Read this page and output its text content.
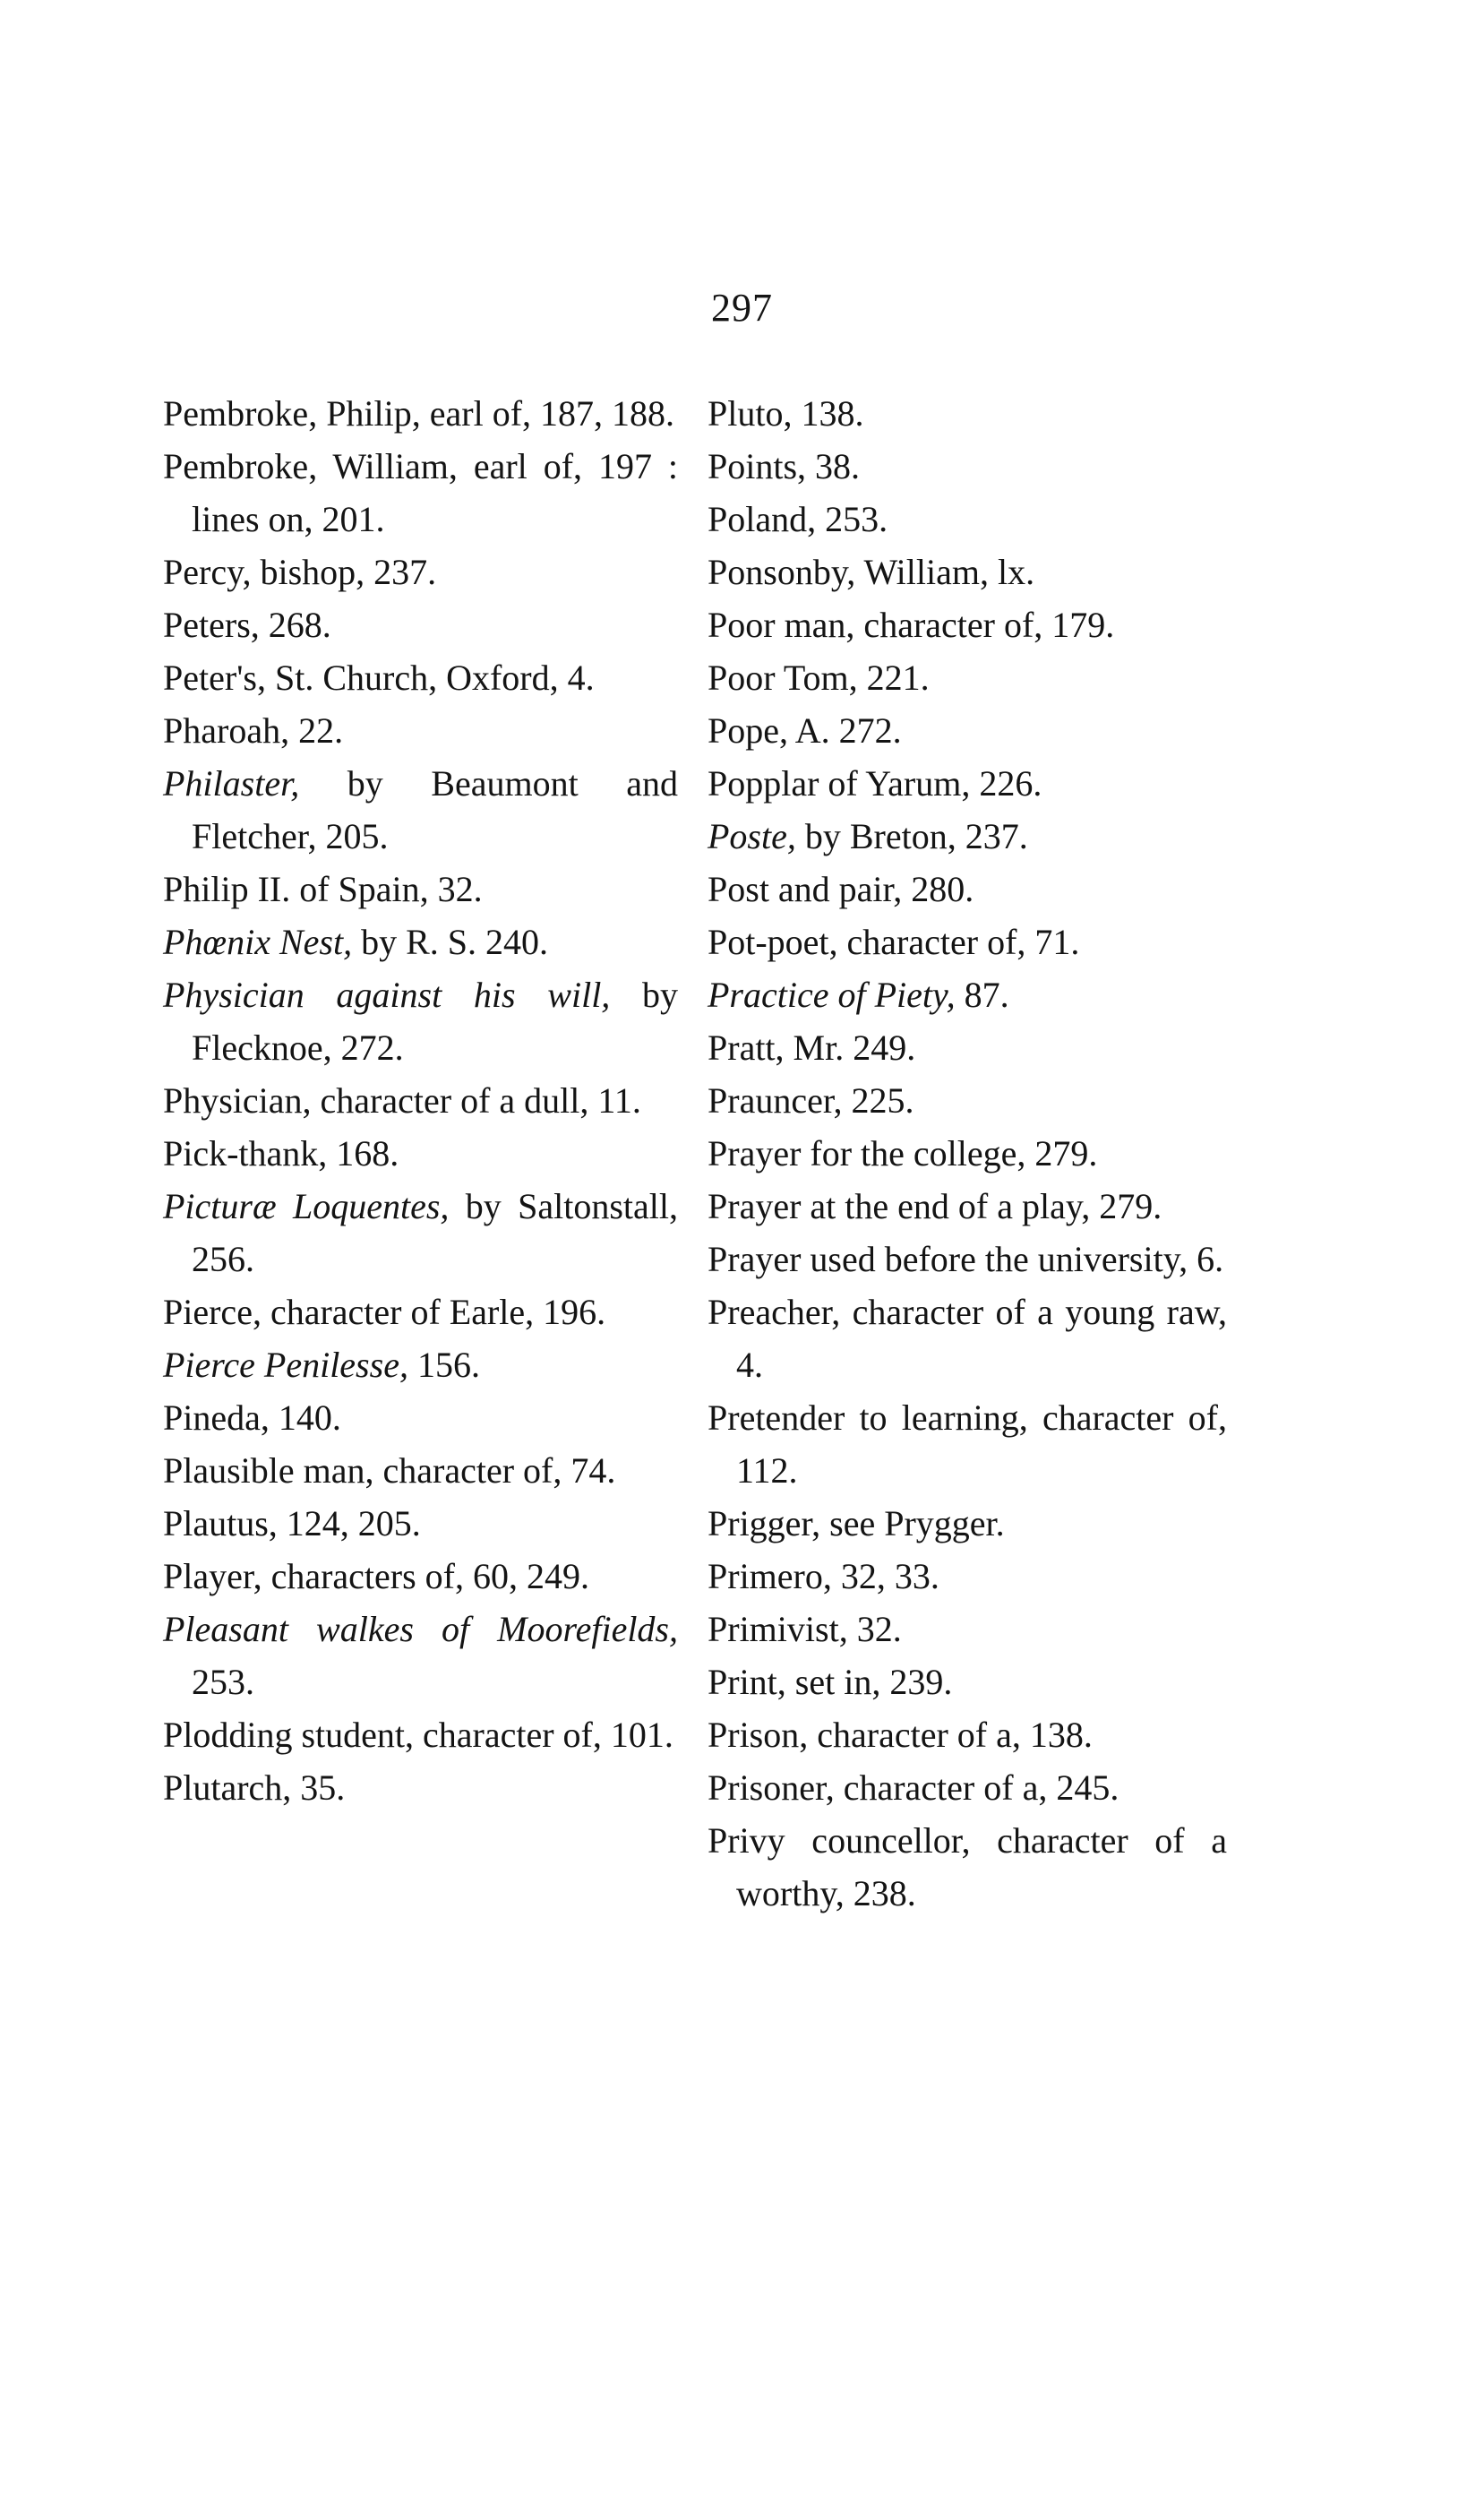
297
Pembroke, Philip, earl of, 187, 188.
Pembroke, William, earl of, 197 : lines on, 201.
Percy, bishop, 237.
Peters, 268.
Peter's, St. Church, Oxford, 4.
Pharoah, 22.
Philaster, by Beaumont and Fletcher, 205.
Philip II. of Spain, 32.
Phœnix Nest, by R. S. 240.
Physician against his will, by Flecknoe, 272.
Physician, character of a dull, 11.
Pick-thank, 168.
Picturæ Loquentes, by Saltonstall, 256.
Pierce, character of Earle, 196.
Pierce Penilesse, 156.
Pineda, 140.
Plausible man, character of, 74.
Plautus, 124, 205.
Player, characters of, 60, 249.
Pleasant walkes of Moorefields, 253.
Plodding student, character of, 101.
Plutarch, 35.
Pluto, 138.
Points, 38.
Poland, 253.
Ponsonby, William, lx.
Poor man, character of, 179.
Poor Tom, 221.
Pope, A. 272.
Popplar of Yarum, 226.
Poste, by Breton, 237.
Post and pair, 280.
Pot-poet, character of, 71.
Practice of Piety, 87.
Pratt, Mr. 249.
Prauncer, 225.
Prayer for the college, 279.
Prayer at the end of a play, 279.
Prayer used before the university, 6.
Preacher, character of a young raw, 4.
Pretender to learning, character of, 112.
Prigger, see Prygger.
Primero, 32, 33.
Primivist, 32.
Print, set in, 239.
Prison, character of a, 138.
Prisoner, character of a, 245.
Privy councellor, character of a worthy, 238.
